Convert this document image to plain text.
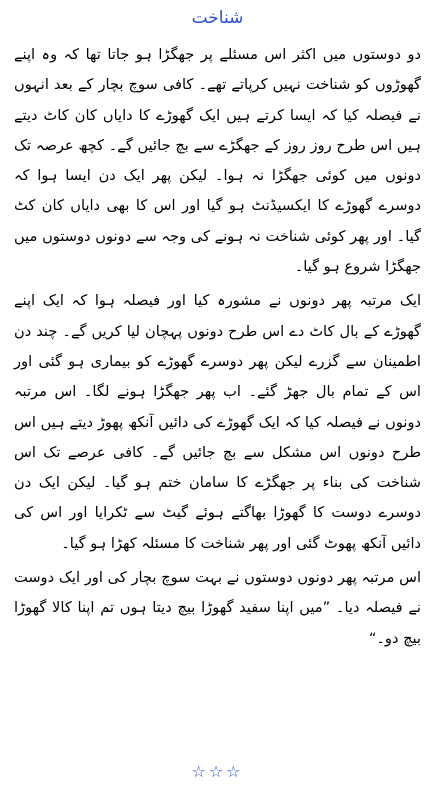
شناخت

دو دوستوں میں اکثر اس مسئلے پر جھگڑا ہو جاتا تھا کہ وہ اپنے گھوڑوں کو شناخت نہیں کرپاتے تھے۔ کافی سوچ بچار کے بعد انہوں نے فیصلہ کیا کہ ایسا کرتے ہیں ایک گھوڑے کا دایاں کان کاٹ دیتے ہیں اس طرح روز روز کے جھگڑے سے بچ جائیں گے۔ کچھ عرصہ تک دونوں میں کوئی جھگڑا نہ ہوا۔ لیکن پھر ایک دن ایسا ہوا کہ دوسرے گھوڑے کا ایکسیڈنٹ ہو گیا اور اس کا بھی دایاں کان کٹ گیا۔ اور پھر کوئی شناخت نہ ہونے کی وجہ سے دونوں دوستوں میں جھگڑا شروع ہو گیا۔

ایک مرتبہ پھر دونوں نے مشورہ کیا اور فیصلہ ہوا کہ ایک اپنے گھوڑے کے بال کاٹ دے اس طرح دونوں پہچان لیا کریں گے۔ چند دن اطمینان سے گزرے لیکن پھر دوسرے گھوڑے کو بیماری ہو گئی اور اس کے تمام بال جھڑ گئے۔ اب پھر جھگڑا ہونے لگا۔ اس مرتبہ دونوں نے فیصلہ کیا کہ ایک گھوڑے کی دائیں آنکھ پھوڑ دیتے ہیں اس طرح دونوں اس مشکل سے بچ جائیں گے۔ کافی عرصے تک اس شناخت کی بناء پر جھگڑے کا سامان ختم ہو گیا۔ لیکن ایک دن دوسرے دوست کا گھوڑا بھاگتے ہوئے گیٹ سے ٹکرایا اور اس کی دائیں آنکھ پھوٹ گئی اور پھر شناخت کا مسئلہ کھڑا ہو گیا۔

اس مرتبہ پھر دونوں دوستوں نے بہت سوچ بچار کی اور ایک دوست نے فیصلہ دیا۔ ”میں اپنا سفید گھوڑا بیچ دیتا ہوں تم اپنا کالا گھوڑا بیچ دو۔“

☆☆☆
